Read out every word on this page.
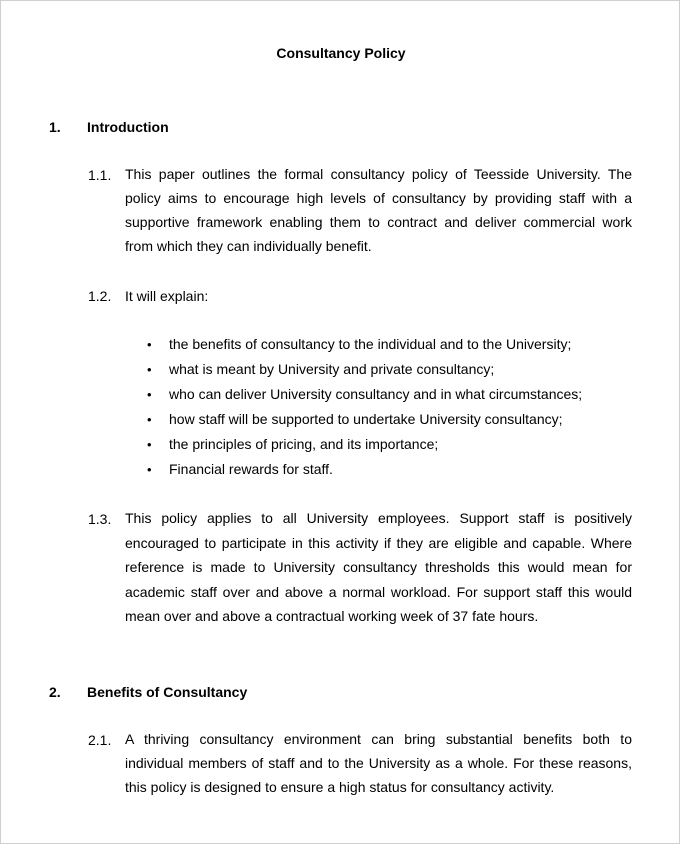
Consultancy Policy
1. Introduction
1.1. This paper outlines the formal consultancy policy of Teesside University. The policy aims to encourage high levels of consultancy by providing staff with a supportive framework enabling them to contract and deliver commercial work from which they can individually benefit.
1.2. It will explain:
• the benefits of consultancy to the individual and to the University;
• what is meant by University and private consultancy;
• who can deliver University consultancy and in what circumstances;
• how staff will be supported to undertake University consultancy;
• the principles of pricing, and its importance;
• Financial rewards for staff.
1.3. This policy applies to all University employees. Support staff is positively encouraged to participate in this activity if they are eligible and capable. Where reference is made to University consultancy thresholds this would mean for academic staff over and above a normal workload. For support staff this would mean over and above a contractual working week of 37 fate hours.
2. Benefits of Consultancy
2.1. A thriving consultancy environment can bring substantial benefits both to individual members of staff and to the University as a whole. For these reasons, this policy is designed to ensure a high status for consultancy activity.
